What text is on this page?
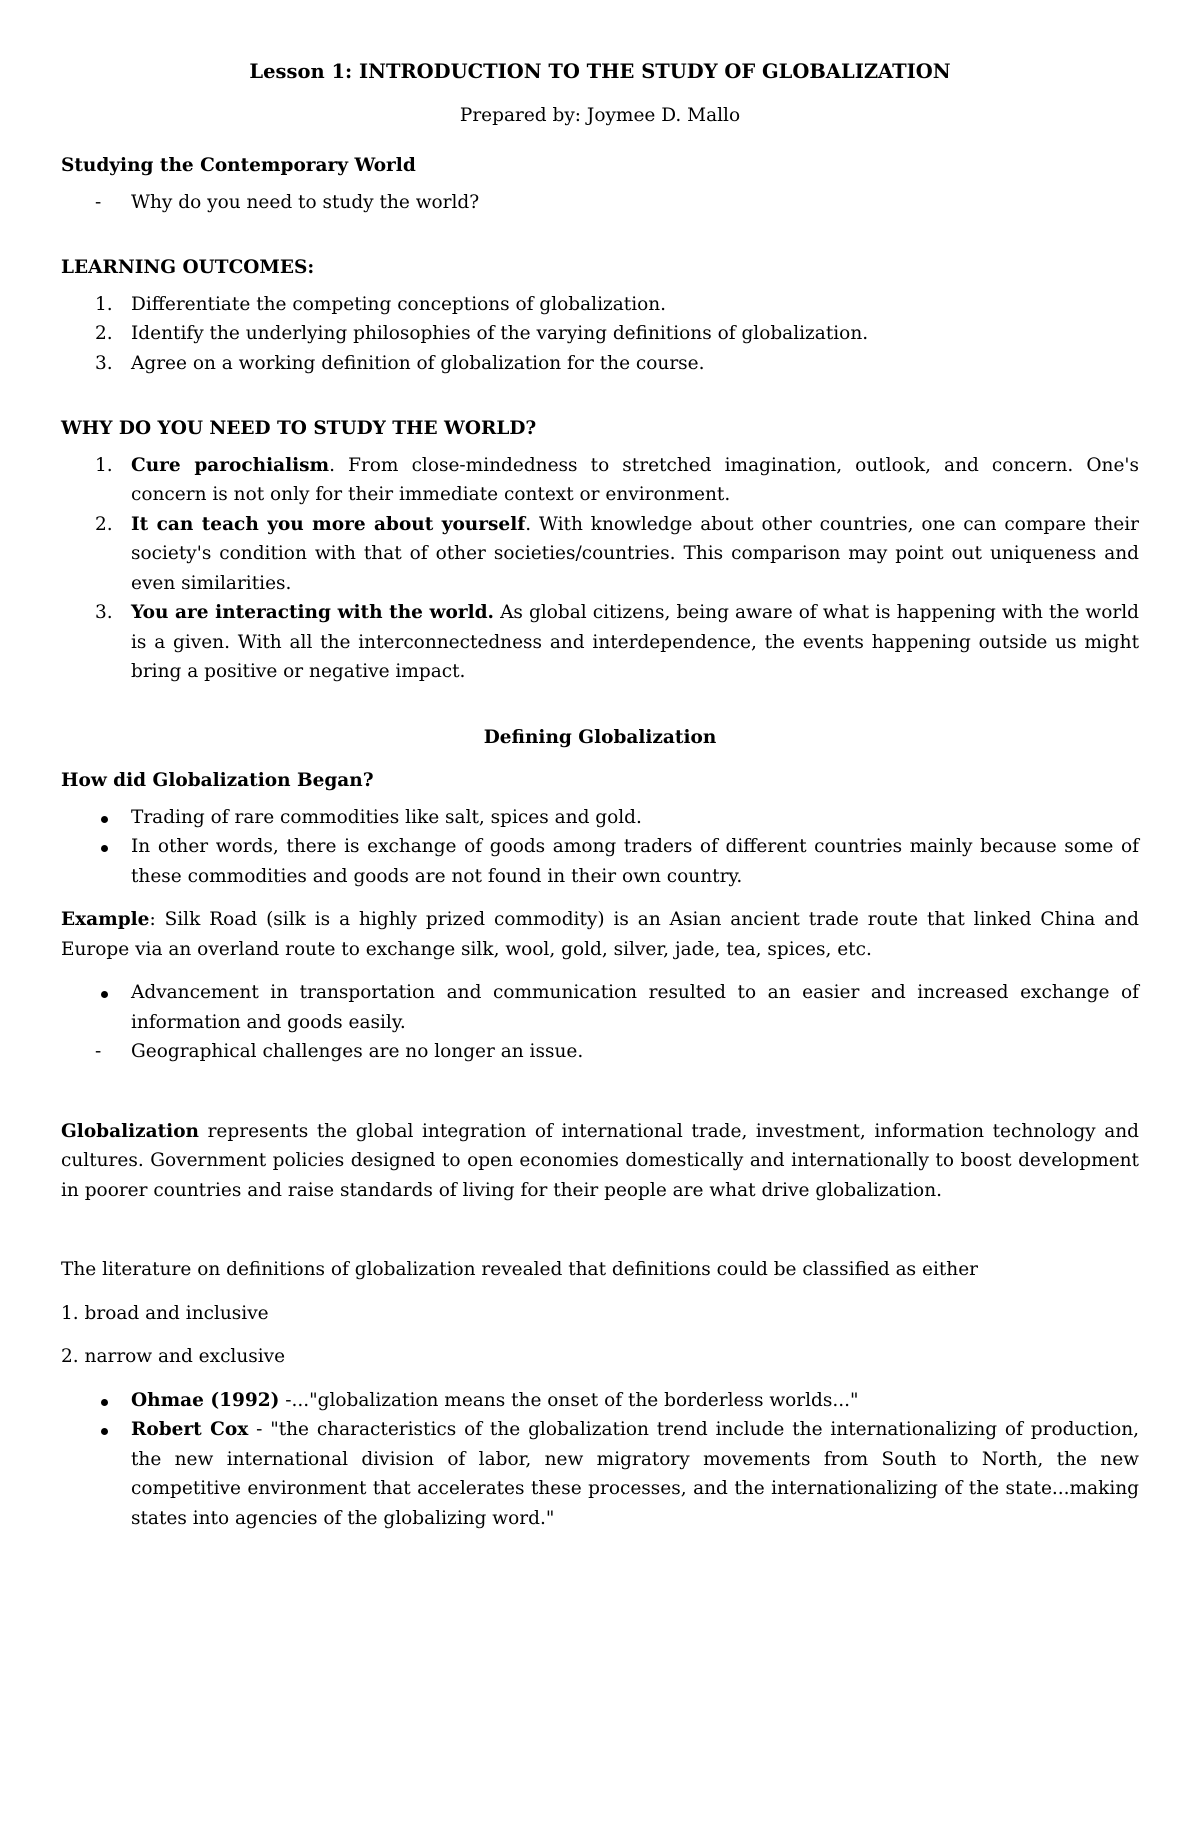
Lesson 1: INTRODUCTION TO THE STUDY OF GLOBALIZATION

Prepared by: Joymee D. Mallo

Studying the Contemporary World

- Why do you need to study the world?

LEARNING OUTCOMES:

1. Differentiate the competing conceptions of globalization.
2. Identify the underlying philosophies of the varying definitions of globalization.
3. Agree on a working definition of globalization for the course.

WHY DO YOU NEED TO STUDY THE WORLD?

1. Cure parochialism. From close-mindedness to stretched imagination, outlook, and concern. One's concern is not only for their immediate context or environment.
2. It can teach you more about yourself. With knowledge about other countries, one can compare their society's condition with that of other societies/countries. This comparison may point out uniqueness and even similarities.
3. You are interacting with the world. As global citizens, being aware of what is happening with the world is a given. With all the interconnectedness and interdependence, the events happening outside us might bring a positive or negative impact.

Defining Globalization

How did Globalization Began?

Trading of rare commodities like salt, spices and gold.
In other words, there is exchange of goods among traders of different countries mainly because some of these commodities and goods are not found in their own country.

Example: Silk Road (silk is a highly prized commodity) is an Asian ancient trade route that linked China and Europe via an overland route to exchange silk, wool, gold, silver, jade, tea, spices, etc.

Advancement in transportation and communication resulted to an easier and increased exchange of information and goods easily.
- Geographical challenges are no longer an issue.

Globalization represents the global integration of international trade, investment, information technology and cultures. Government policies designed to open economies domestically and internationally to boost development in poorer countries and raise standards of living for their people are what drive globalization.

The literature on definitions of globalization revealed that definitions could be classified as either

1. broad and inclusive

2. narrow and exclusive

Ohmae (1992) -..."globalization means the onset of the borderless worlds..."
Robert Cox - "the characteristics of the globalization trend include the internationalizing of production, the new international division of labor, new migratory movements from South to North, the new competitive environment that accelerates these processes, and the internationalizing of the state...making states into agencies of the globalizing word."
